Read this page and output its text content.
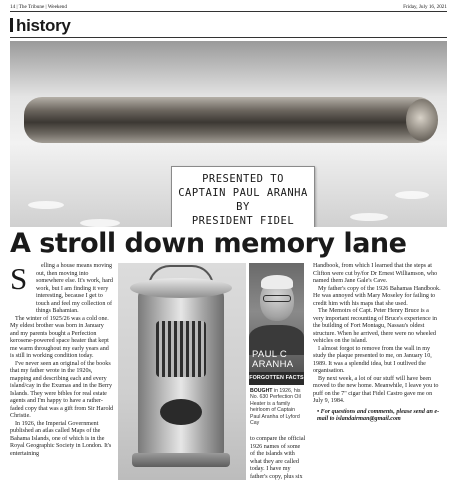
14 | The Tribune | Weekend	Friday, July 16, 2021
history
PRESENTED TO
CAPTAIN PAUL ARANHA
BY
PRESIDENT FIDEL
A stroll down memory lane
S	elling a house means moving out, then moving into somewhere else. It's work, hard work, but I am finding it very interesting, because I get to touch and feel my collection of things Bahamian.

The winter of 1925/26 was a cold one. My eldest brother was born in January and my parents bought a Perfection kerosene-powered space heater that kept me warm throughout my early years and is still in working condition today.

I've never seen an original of the books that my father wrote in the 1920s, mapping and describing each and every island/cay in the Exumas and in the Berry Islands. They were bibles for real estate agents and I'm happy to have a rather-faded copy that was a gift from Sir Harold Christie.

In 1926, the Imperial Government published an atlas called Maps of the Bahama Islands, one of which is in the Royal Geographic Society in London. It's entertaining

PAUL C
ARANHA
FORGOTTEN FACTS
BOUGHT in 1926, his No. 630 Perfection Oil Heater is a family heirloom of Captain Paul Aranha of Lyford Cay

to compare the official 1926 names of some of the islands with what they are called today. I have my father's copy, plus six

Handbook, from which I learned that the steps at Clifton were cut by/for Dr Ernest Williamson, who named them Jane Gale's Cave.

My father's copy of the 1926 Bahamas Handbook. He was annoyed with Mary Moseley for failing to credit him with his maps that she used.

The Memoirs of Capt. Peter Henry Bruce is a very important recounting of Bruce's experience in the building of Fort Montagu, Nassau's oldest structure. When he arrived, there were no wheeled vehicles on the island.

I almost forgot to remove from the wall in my study the plaque presented to me, on January 10, 1989. It was a splendid idea, but I outlived the organisation.

By next week, a lot of our stuff will have been moved to the new home. Meanwhile, I leave you to puff on the 7" cigar that Fidel Castro gave me on July 9, 1984.

• For questions and comments, please send an e-mail to islandairman@gmail.com
